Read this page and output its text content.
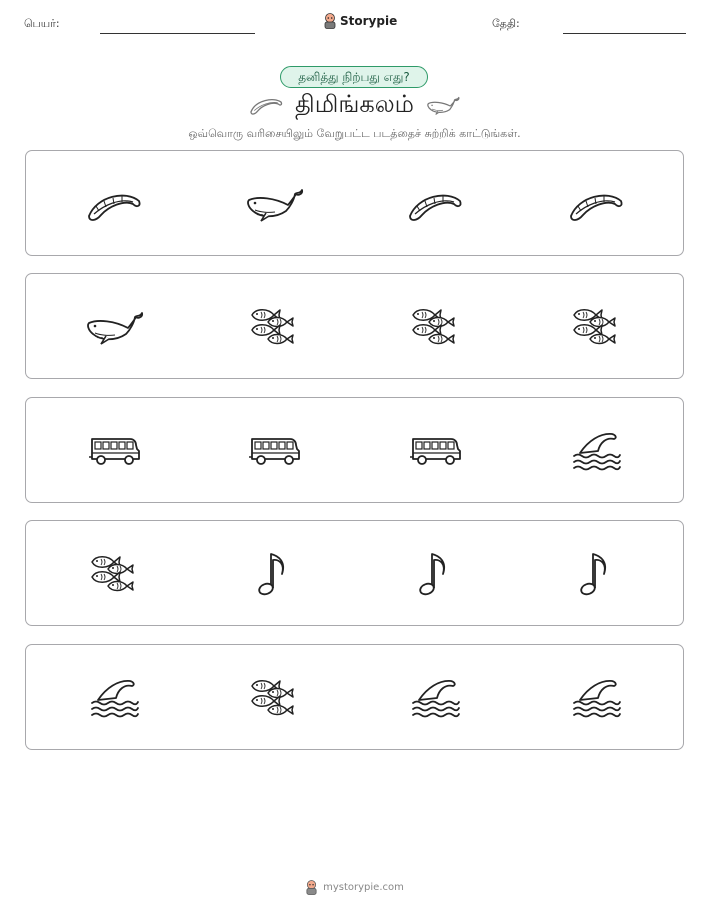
பெயர்:	Storypie	தேதி:
தனித்து நிற்பது எது?
திமிங்கலம்
ஒவ்வொரு வரிசையிலும் வேறுபட்ட படத்தைச் சுற்றிக் காட்டுங்கள்.
mystorypie.com
